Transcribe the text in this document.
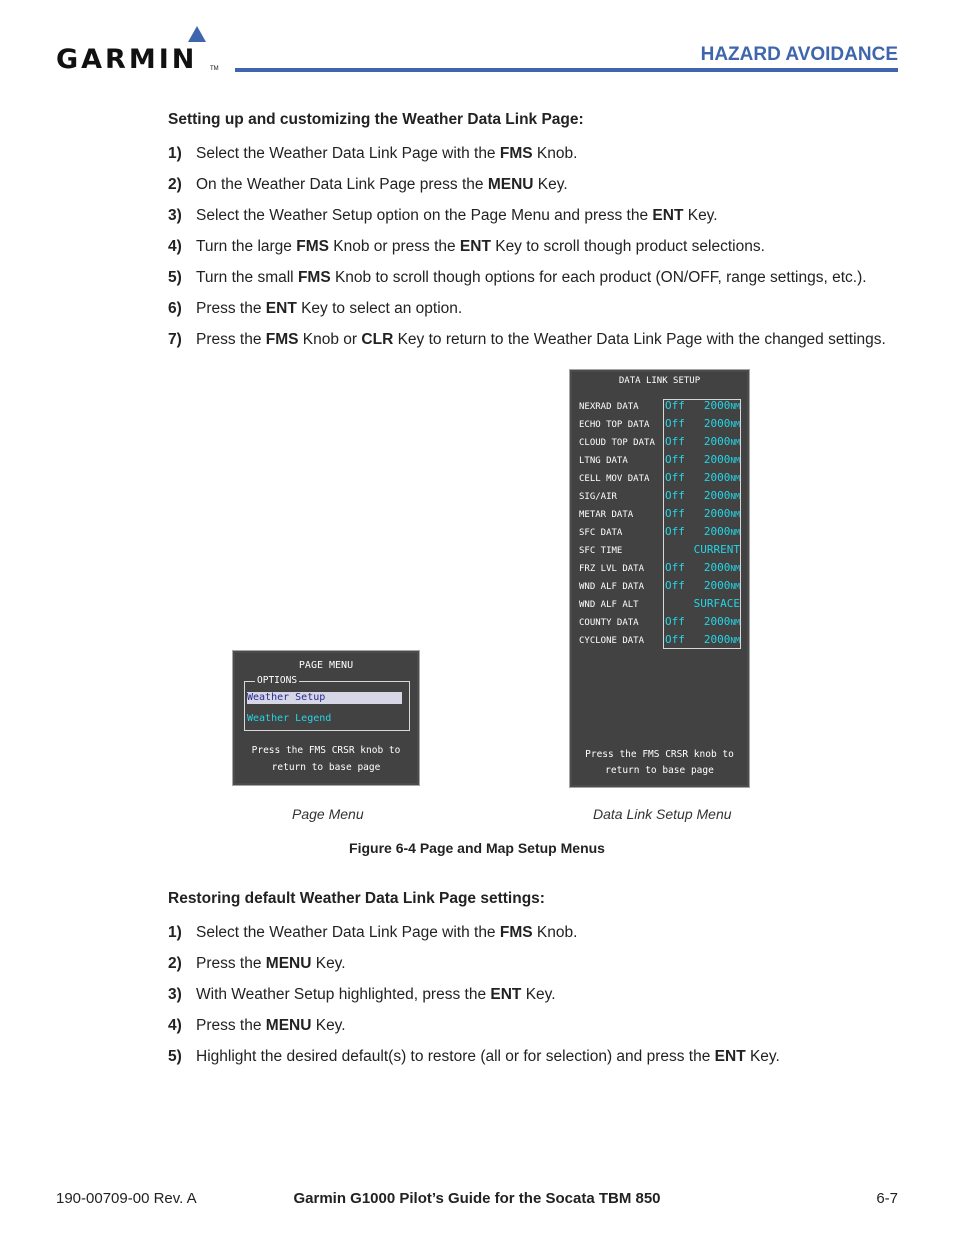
GARMIN TM
HAZARD AVOIDANCE
Setting up and customizing the Weather Data Link Page:
1) Select the Weather Data Link Page with the FMS Knob.
2) On the Weather Data Link Page press the MENU Key.
3) Select the Weather Setup option on the Page Menu and press the ENT Key.
4) Turn the large FMS Knob or press the ENT Key to scroll though product selections.
5) Turn the small FMS Knob to scroll though options for each product (ON/OFF, range settings, etc.).
6) Press the ENT Key to select an option.
7) Press the FMS Knob or CLR Key to return to the Weather Data Link Page with the changed settings.
PAGE MENU
OPTIONS
Weather Setup
Weather Legend
Press the FMS CRSR knob to
return to base page
DATA LINK SETUP
NEXRAD DATA Off 2000NM
ECHO TOP DATA Off 2000NM
CLOUD TOP DATA Off 2000NM
LTNG DATA	Off 2000NM
CELL MOV DATA Off 2000NM
SIG/AIR	Off 2000NM
METAR DATA	Off 2000NM
SFC DATA	Off 2000NM
SFC TIME	CURRENT
FRZ LVL DATA Off 2000NM
WND ALF DATA Off 2000NM
WND ALF ALT	SURFACE
COUNTY DATA Off 2000NM
CYCLONE DATA Off 2000NM
Press the FMS CRSR knob to
return to base page
Page Menu	Data Link Setup Menu
Figure 6-4 Page and Map Setup Menus
Restoring default Weather Data Link Page settings:
1) Select the Weather Data Link Page with the FMS Knob.
2) Press the MENU Key.
3) With Weather Setup highlighted, press the ENT Key.
4) Press the MENU Key.
5) Highlight the desired default(s) to restore (all or for selection) and press the ENT Key.
190-00709-00 Rev. A	Garmin G1000 Pilot’s Guide for the Socata TBM 850	6-7
